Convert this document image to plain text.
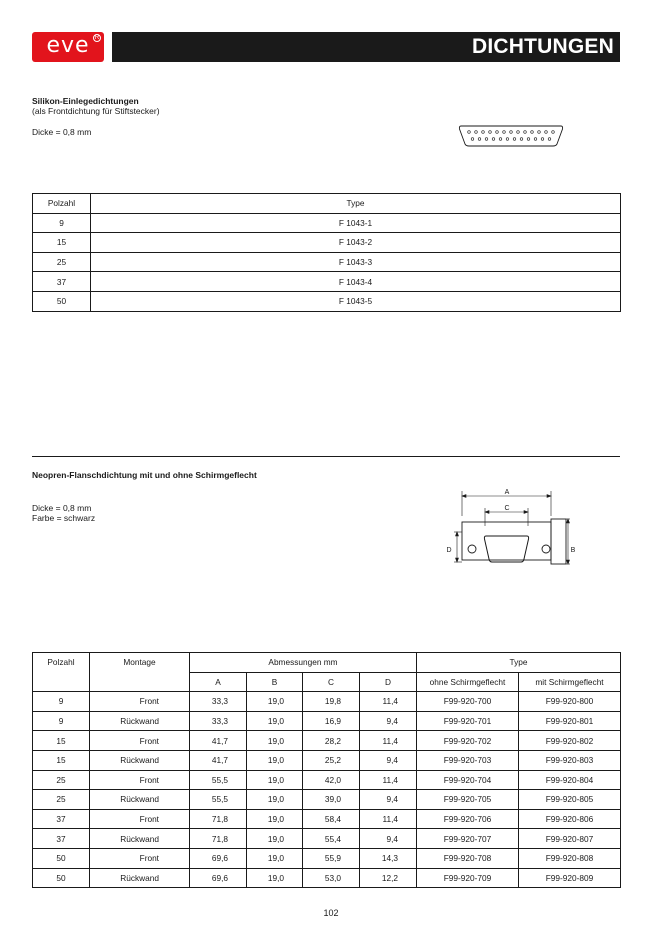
eve R	DICHTUNGEN
Silikon-Einlegedichtungen
(als Frontdichtung für Stiftstecker)
Dicke = 0,8 mm
Polzahl	Type
9	F 1043-1
15	F 1043-2
25	F 1043-3
37	F 1043-4
50	F 1043-5
Neopren-Flanschdichtung mit und ohne Schirmgeflecht
Dicke = 0,8 mm
Farbe = schwarz
A
C
D	B
Polzahl	Montage	Abmessungen mm				Type	
		A	B	C	D	ohne Schirmgeflecht	mit Schirmgeflecht
9	Front	33,3	19,0	19,8	11,4	F99-920-700	F99-920-800
9	Rückwand	33,3	19,0	16,9	9,4	F99-920-701	F99-920-801
15	Front	41,7	19,0	28,2	11,4	F99-920-702	F99-920-802
15	Rückwand	41,7	19,0	25,2	9,4	F99-920-703	F99-920-803
25	Front	55,5	19,0	42,0	11,4	F99-920-704	F99-920-804
25	Rückwand	55,5	19,0	39,0	9,4	F99-920-705	F99-920-805
37	Front	71,8	19,0	58,4	11,4	F99-920-706	F99-920-806
37	Rückwand	71,8	19,0	55,4	9,4	F99-920-707	F99-920-807
50	Front	69,6	19,0	55,9	14,3	F99-920-708	F99-920-808
50	Rückwand	69,6	19,0	53,0	12,2	F99-920-709	F99-920-809
102
